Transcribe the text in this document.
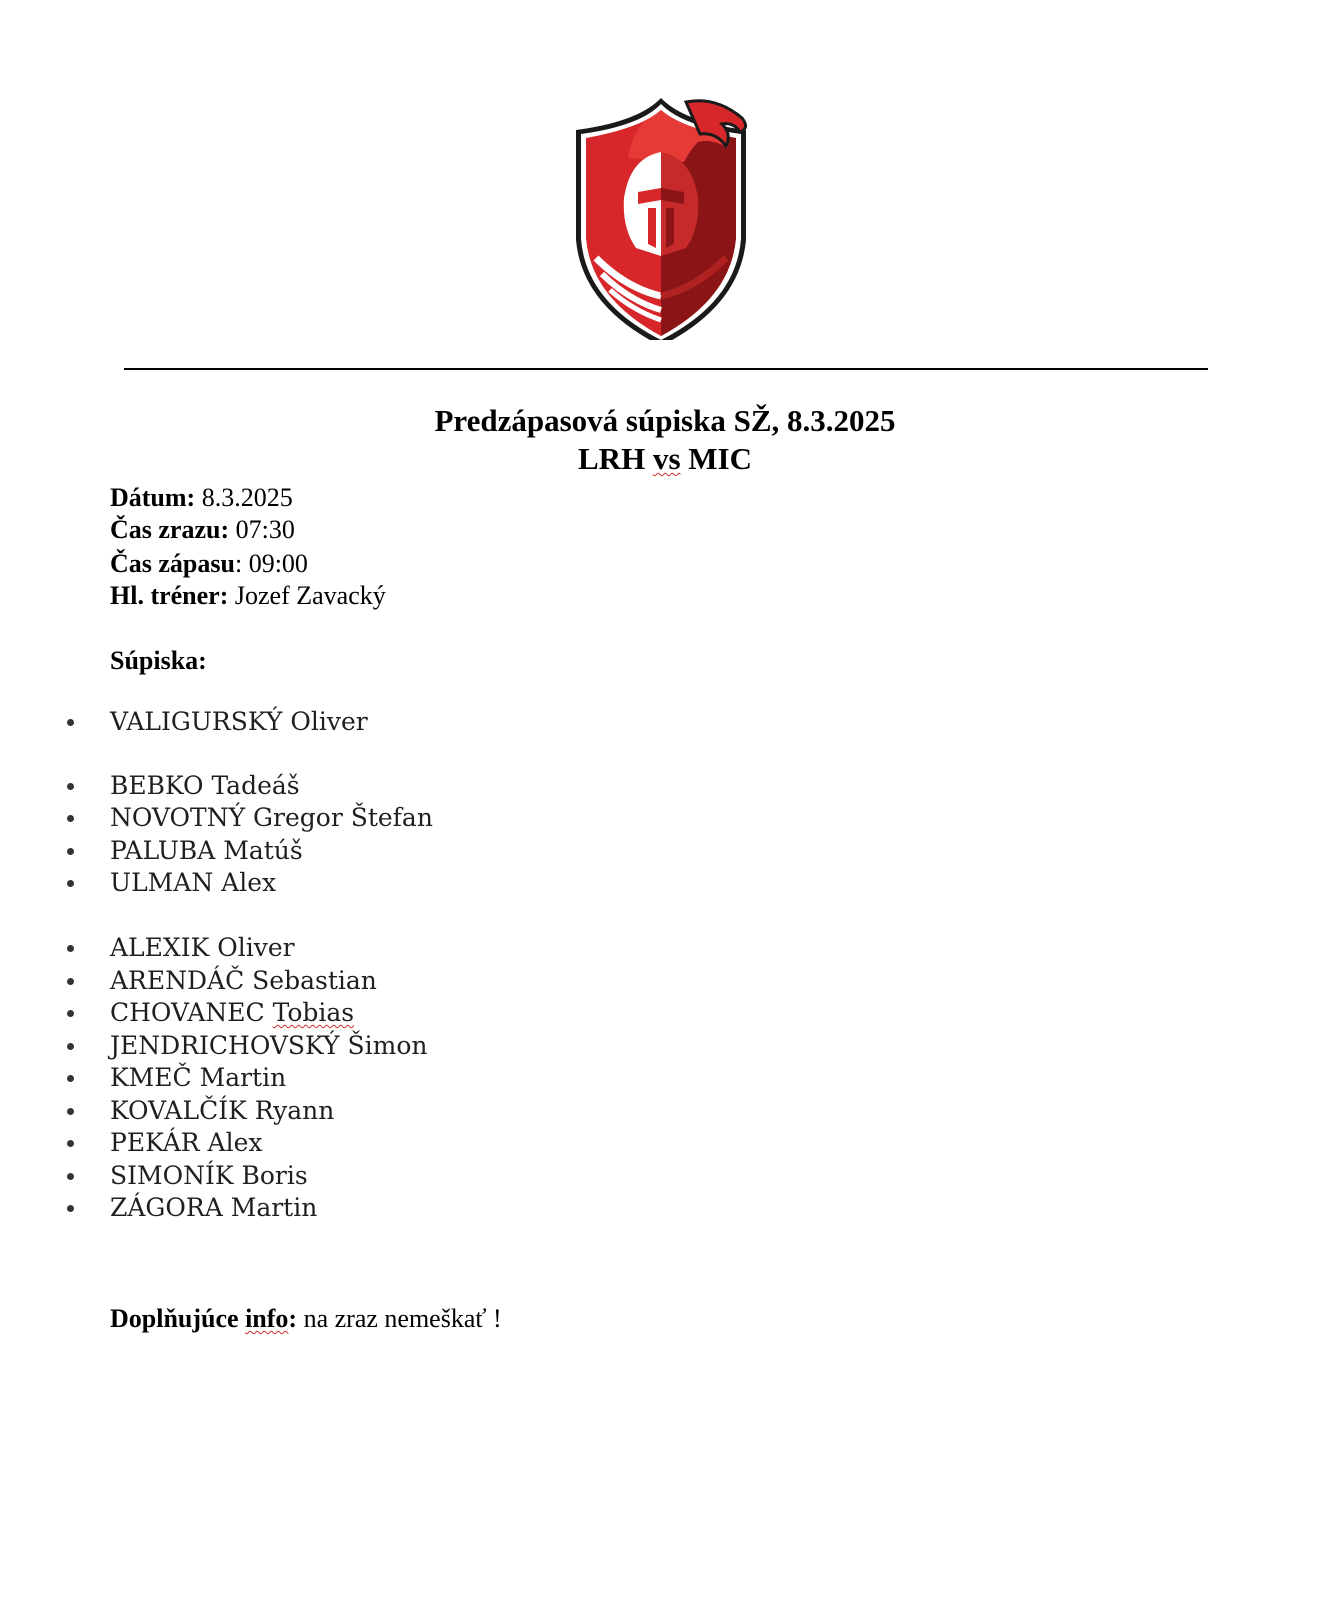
Predzápasová súpiska SŽ, 8.3.2025
LRH vs MIC
Dátum: 8.3.2025
Čas zrazu: 07:30
Čas zápasu: 09:00
Hl. tréner: Jozef Zavacký
Súpiska:
VALIGURSKÝ Oliver
BEBKO Tadeáš
NOVOTNÝ Gregor Štefan
PALUBA Matúš
ULMAN Alex
ALEXIK Oliver
ARENDÁČ Sebastian
CHOVANEC Tobias
JENDRICHOVSKÝ Šimon
KMEČ Martin
KOVALČÍK Ryann
PEKÁR Alex
SIMONÍK Boris
ZÁGORA Martin
Doplňujúce info: na zraz nemeškať !
